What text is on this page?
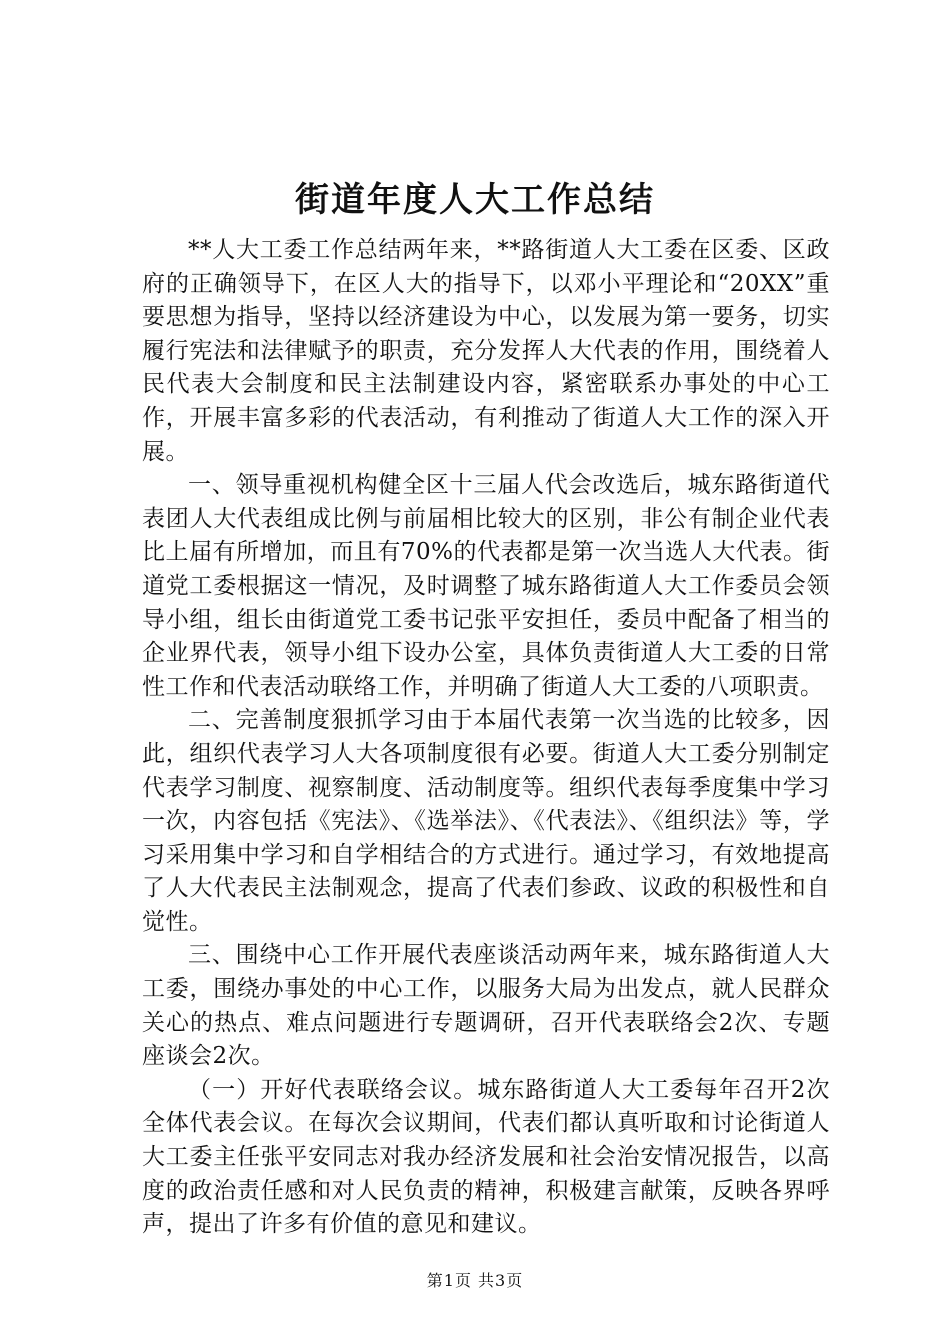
街道年度人大工作总结

**人大工委工作总结两年来，**路街道人大工委在区委、区政府的正确领导下，在区人大的指导下，以邓小平理论和“20XX”重要思想为指导，坚持以经济建设为中心，以发展为第一要务，切实履行宪法和法律赋予的职责，充分发挥人大代表的作用，围绕着人民代表大会制度和民主法制建设内容，紧密联系办事处的中心工作，开展丰富多彩的代表活动，有利推动了街道人大工作的深入开展。

一、领导重视机构健全区十三届人代会改选后，城东路街道代表团人大代表组成比例与前届相比较大的区别，非公有制企业代表比上届有所增加，而且有70%的代表都是第一次当选人大代表。街道党工委根据这一情况，及时调整了城东路街道人大工作委员会领导小组，组长由街道党工委书记张平安担任，委员中配备了相当的企业界代表，领导小组下设办公室，具体负责街道人大工委的日常性工作和代表活动联络工作，并明确了街道人大工委的八项职责。

二、完善制度狠抓学习由于本届代表第一次当选的比较多，因此，组织代表学习人大各项制度很有必要。街道人大工委分别制定代表学习制度、视察制度、活动制度等。组织代表每季度集中学习一次，内容包括《宪法》、《选举法》、《代表法》、《组织法》等，学习采用集中学习和自学相结合的方式进行。通过学习，有效地提高了人大代表民主法制观念，提高了代表们参政、议政的积极性和自觉性。

三、围绕中心工作开展代表座谈活动两年来，城东路街道人大工委，围绕办事处的中心工作，以服务大局为出发点，就人民群众关心的热点、难点问题进行专题调研，召开代表联络会2次、专题座谈会2次。

（一）开好代表联络会议。城东路街道人大工委每年召开2次全体代表会议。在每次会议期间，代表们都认真听取和讨论街道人大工委主任张平安同志对我办经济发展和社会治安情况报告，以高度的政治责任感和对人民负责的精神，积极建言献策，反映各界呼声，提出了许多有价值的意见和建议。

第1页 共3页
